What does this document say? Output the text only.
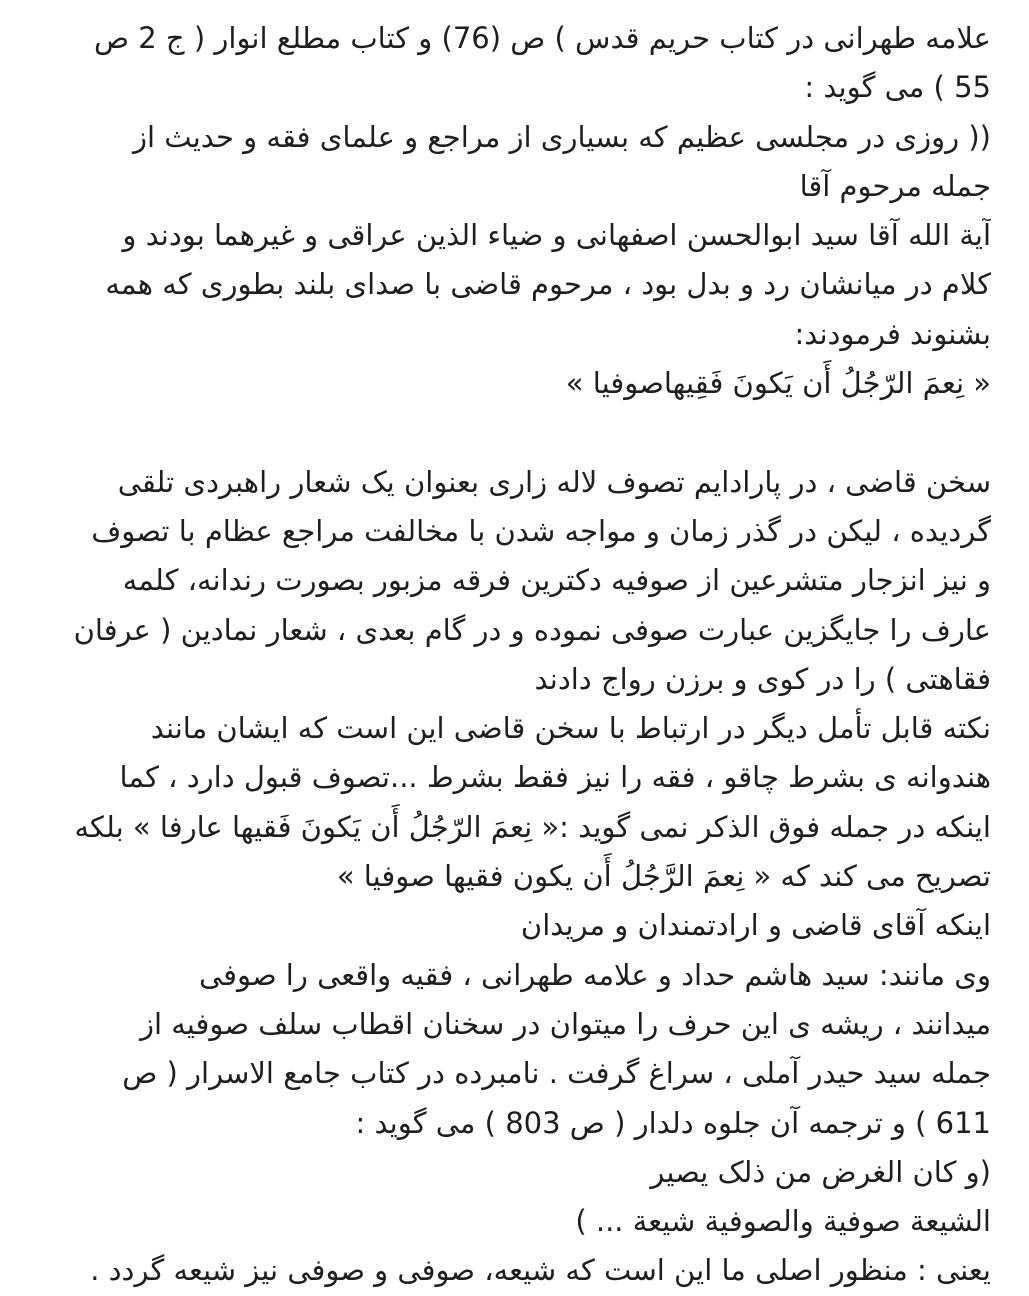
علامه طهرانی در کتاب حریم قدس ) ص (76) و کتاب مطلع انوار ( ج 2 ص
55 ) می گوید :
(( روزی در مجلسی عظیم که بسیاری از مراجع و علمای فقه و حدیث از
جمله مرحوم آقا
آیة الله آقا سید ابوالحسن اصفهانی و ضیاء الذین عراقی و غیرهما بودند و
کلام در میانشان رد و بدل بود ، مرحوم قاضی با صدای بلند بطوری که همه
بشنوند فرمودند:
« نِعمَ الرّجُلُ أَن یَکونَ فَقِیهاصوفیا »
سخن قاضی ، در پارادایم تصوف لاله زاری بعنوان یک شعار راهبردی تلقی
گردیده ، لیکن در گذر زمان و مواجه شدن با مخالفت مراجع عظام با تصوف
و نیز انزجار متشرعین از صوفیه دکترین فرقه مزبور بصورت رندانه، کلمه
عارف را جایگزین عبارت صوفی نموده و در گام بعدی ، شعار نمادین ( عرفان
فقاهتی ) را در کوی و برزن رواج دادند
نکته قابل تأمل دیگر در ارتباط با سخن قاضی این است که ایشان مانند
هندوانه ی بشرط چاقو ، فقه را نیز فقط بشرط ...تصوف قبول دارد ، کما
اینکه در جمله فوق الذکر نمی گوید :« نِعمَ الرّجُلُ أَن یَکونَ فَقیها عارفا » بلکه
تصریح می کند که « نِعمَ الرَّجُلُ أَن یکون فقیها صوفیا »
اینکه آقای قاضی و ارادتمندان و مریدان
وی مانند: سید هاشم حداد و علامه طهرانی ، فقیه واقعی را صوفی
میدانند ، ریشه ی این حرف را میتوان در سخنان اقطاب سلف صوفیه از
جمله سید حیدر آملی ، سراغ گرفت . نامبرده در کتاب جامع الاسرار ( ص
611 ) و ترجمه آن جلوه دلدار ( ص 803 ) می گوید :
(و کان الغرض من ذلک یصیر
الشیعة صوفیة والصوفیة شیعة ... )
یعنی : منظور اصلی ما این است که شیعه، صوفی و صوفی نیز شیعه گردد .
